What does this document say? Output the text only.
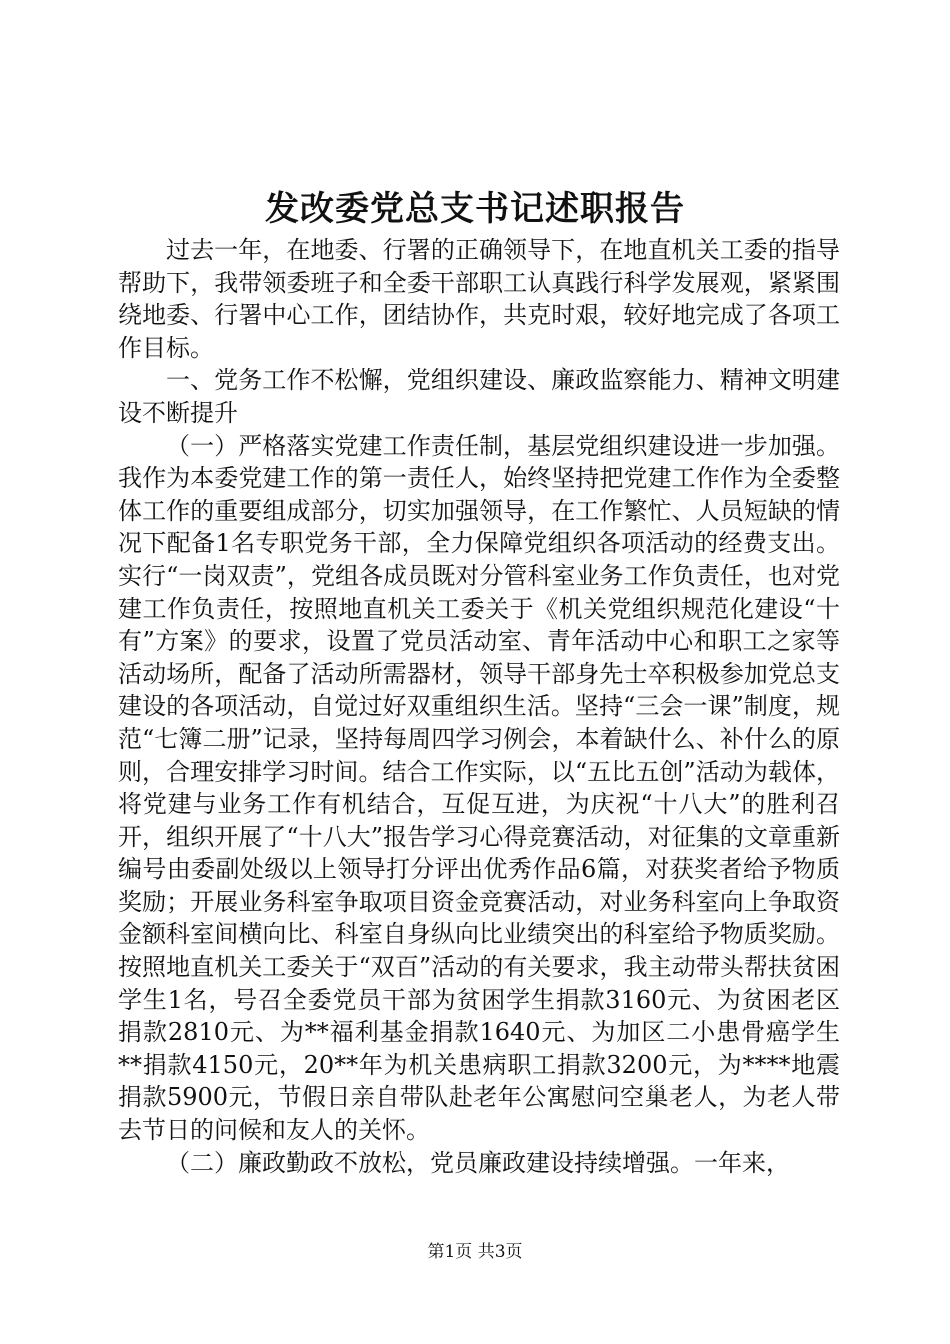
发改委党总支书记述职报告

过去一年，在地委、行署的正确领导下，在地直机关工委的指导帮助下，我带领委班子和全委干部职工认真践行科学发展观，紧紧围绕地委、行署中心工作，团结协作，共克时艰，较好地完成了各项工作目标。

一、党务工作不松懈，党组织建设、廉政监察能力、精神文明建设不断提升

（一）严格落实党建工作责任制，基层党组织建设进一步加强。我作为本委党建工作的第一责任人，始终坚持把党建工作作为全委整体工作的重要组成部分，切实加强领导，在工作繁忙、人员短缺的情况下配备1名专职党务干部，全力保障党组织各项活动的经费支出。实行“一岗双责”，党组各成员既对分管科室业务工作负责任，也对党建工作负责任，按照地直机关工委关于《机关党组织规范化建设“十有”方案》的要求，设置了党员活动室、青年活动中心和职工之家等活动场所，配备了活动所需器材，领导干部身先士卒积极参加党总支建设的各项活动，自觉过好双重组织生活。坚持“三会一课”制度，规范“七簿二册”记录，坚持每周四学习例会，本着缺什么、补什么的原则，合理安排学习时间。结合工作实际，以“五比五创”活动为载体，将党建与业务工作有机结合，互促互进，为庆祝“十八大”的胜利召开，组织开展了“十八大”报告学习心得竞赛活动，对征集的文章重新编号由委副处级以上领导打分评出优秀作品6篇，对获奖者给予物质奖励；开展业务科室争取项目资金竞赛活动，对业务科室向上争取资金额科室间横向比、科室自身纵向比业绩突出的科室给予物质奖励。按照地直机关工委关于“双百”活动的有关要求，我主动带头帮扶贫困学生1名，号召全委党员干部为贫困学生捐款3160元、为贫困老区捐款2810元、为**福利基金捐款1640元、为加区二小患骨癌学生**捐款4150元，20**年为机关患病职工捐款3200元，为****地震捐款5900元，节假日亲自带队赴老年公寓慰问空巢老人，为老人带去节日的问候和友人的关怀。

（二）廉政勤政不放松，党员廉政建设持续增强。一年来，

第1页 共3页
